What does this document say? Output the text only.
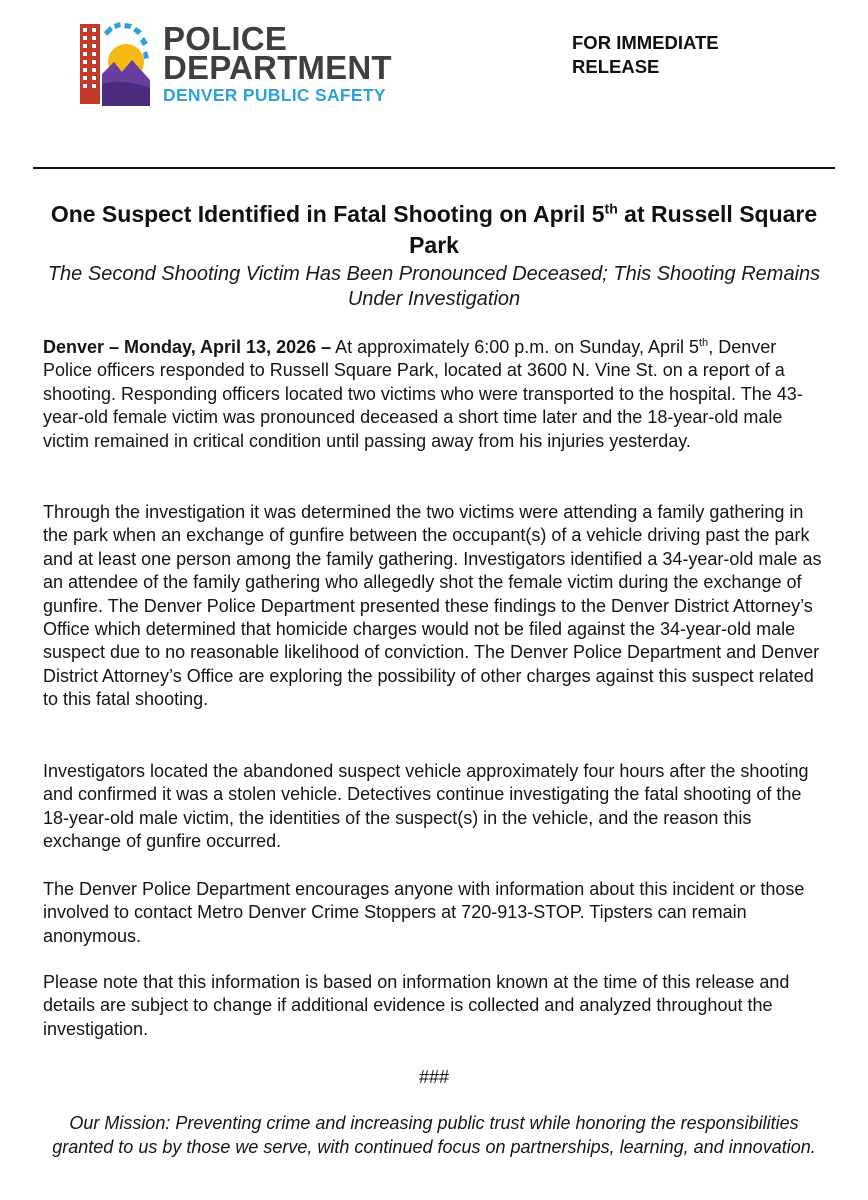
POLICE
DEPARTMENT
DENVER PUBLIC SAFETY
FOR IMMEDIATE
RELEASE
One Suspect Identified in Fatal Shooting on April 5th at Russell Square Park
The Second Shooting Victim Has Been Pronounced Deceased; This Shooting Remains Under Investigation

Denver – Monday, April 13, 2026 – At approximately 6:00 p.m. on Sunday, April 5th, Denver Police officers responded to Russell Square Park, located at 3600 N. Vine St. on a report of a shooting. Responding officers located two victims who were transported to the hospital. The 43-year-old female victim was pronounced deceased a short time later and the 18-year-old male victim remained in critical condition until passing away from his injuries yesterday.

Through the investigation it was determined the two victims were attending a family gathering in the park when an exchange of gunfire between the occupant(s) of a vehicle driving past the park and at least one person among the family gathering. Investigators identified a 34-year-old male as an attendee of the family gathering who allegedly shot the female victim during the exchange of gunfire. The Denver Police Department presented these findings to the Denver District Attorney’s Office which determined that homicide charges would not be filed against the 34-year-old male suspect due to no reasonable likelihood of conviction. The Denver Police Department and Denver District Attorney’s Office are exploring the possibility of other charges against this suspect related to this fatal shooting.

Investigators located the abandoned suspect vehicle approximately four hours after the shooting and confirmed it was a stolen vehicle. Detectives continue investigating the fatal shooting of the 18-year-old male victim, the identities of the suspect(s) in the vehicle, and the reason this exchange of gunfire occurred.

The Denver Police Department encourages anyone with information about this incident or those involved to contact Metro Denver Crime Stoppers at 720-913-STOP. Tipsters can remain anonymous.

Please note that this information is based on information known at the time of this release and details are subject to change if additional evidence is collected and analyzed throughout the investigation.

###
Our Mission: Preventing crime and increasing public trust while honoring the responsibilities granted to us by those we serve, with continued focus on partnerships, learning, and innovation.
